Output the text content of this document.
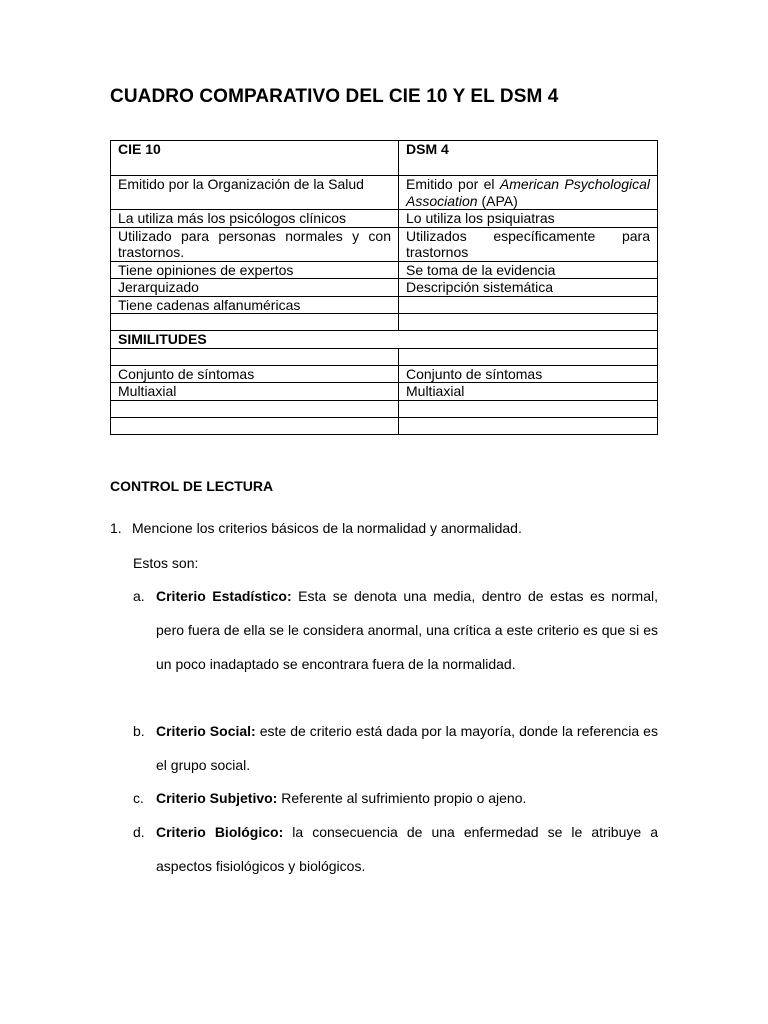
CUADRO COMPARATIVO DEL CIE 10 Y EL DSM 4
CIE 10	DSM 4
Emitido por la Organización de la Salud	Emitido por el American Psychological Association (APA)
La utiliza más los psicólogos clínicos	Lo utiliza los psiquiatras
Utilizado para personas normales y con trastornos.	Utilizados específicamente para trastornos
Tiene opiniones de expertos	Se toma de la evidencia
Jerarquizado	Descripción sistemática
Tiene cadenas alfanuméricas	

SIMILITUDES	

Conjunto de síntomas	Conjunto de síntomas
Multiaxial	Multiaxial

CONTROL DE LECTURA
1. Mencione los criterios básicos de la normalidad y anormalidad.
Estos son:
a. Criterio Estadístico: Esta se denota una media, dentro de estas es normal, pero fuera de ella se le considera anormal, una crítica a este criterio es que si es un poco inadaptado se encontrara fuera de la normalidad.
b. Criterio Social: este de criterio está dada por la mayoría, donde la referencia es el grupo social.
c. Criterio Subjetivo: Referente al sufrimiento propio o ajeno.
d. Criterio Biológico: la consecuencia de una enfermedad se le atribuye a aspectos fisiológicos y biológicos.
